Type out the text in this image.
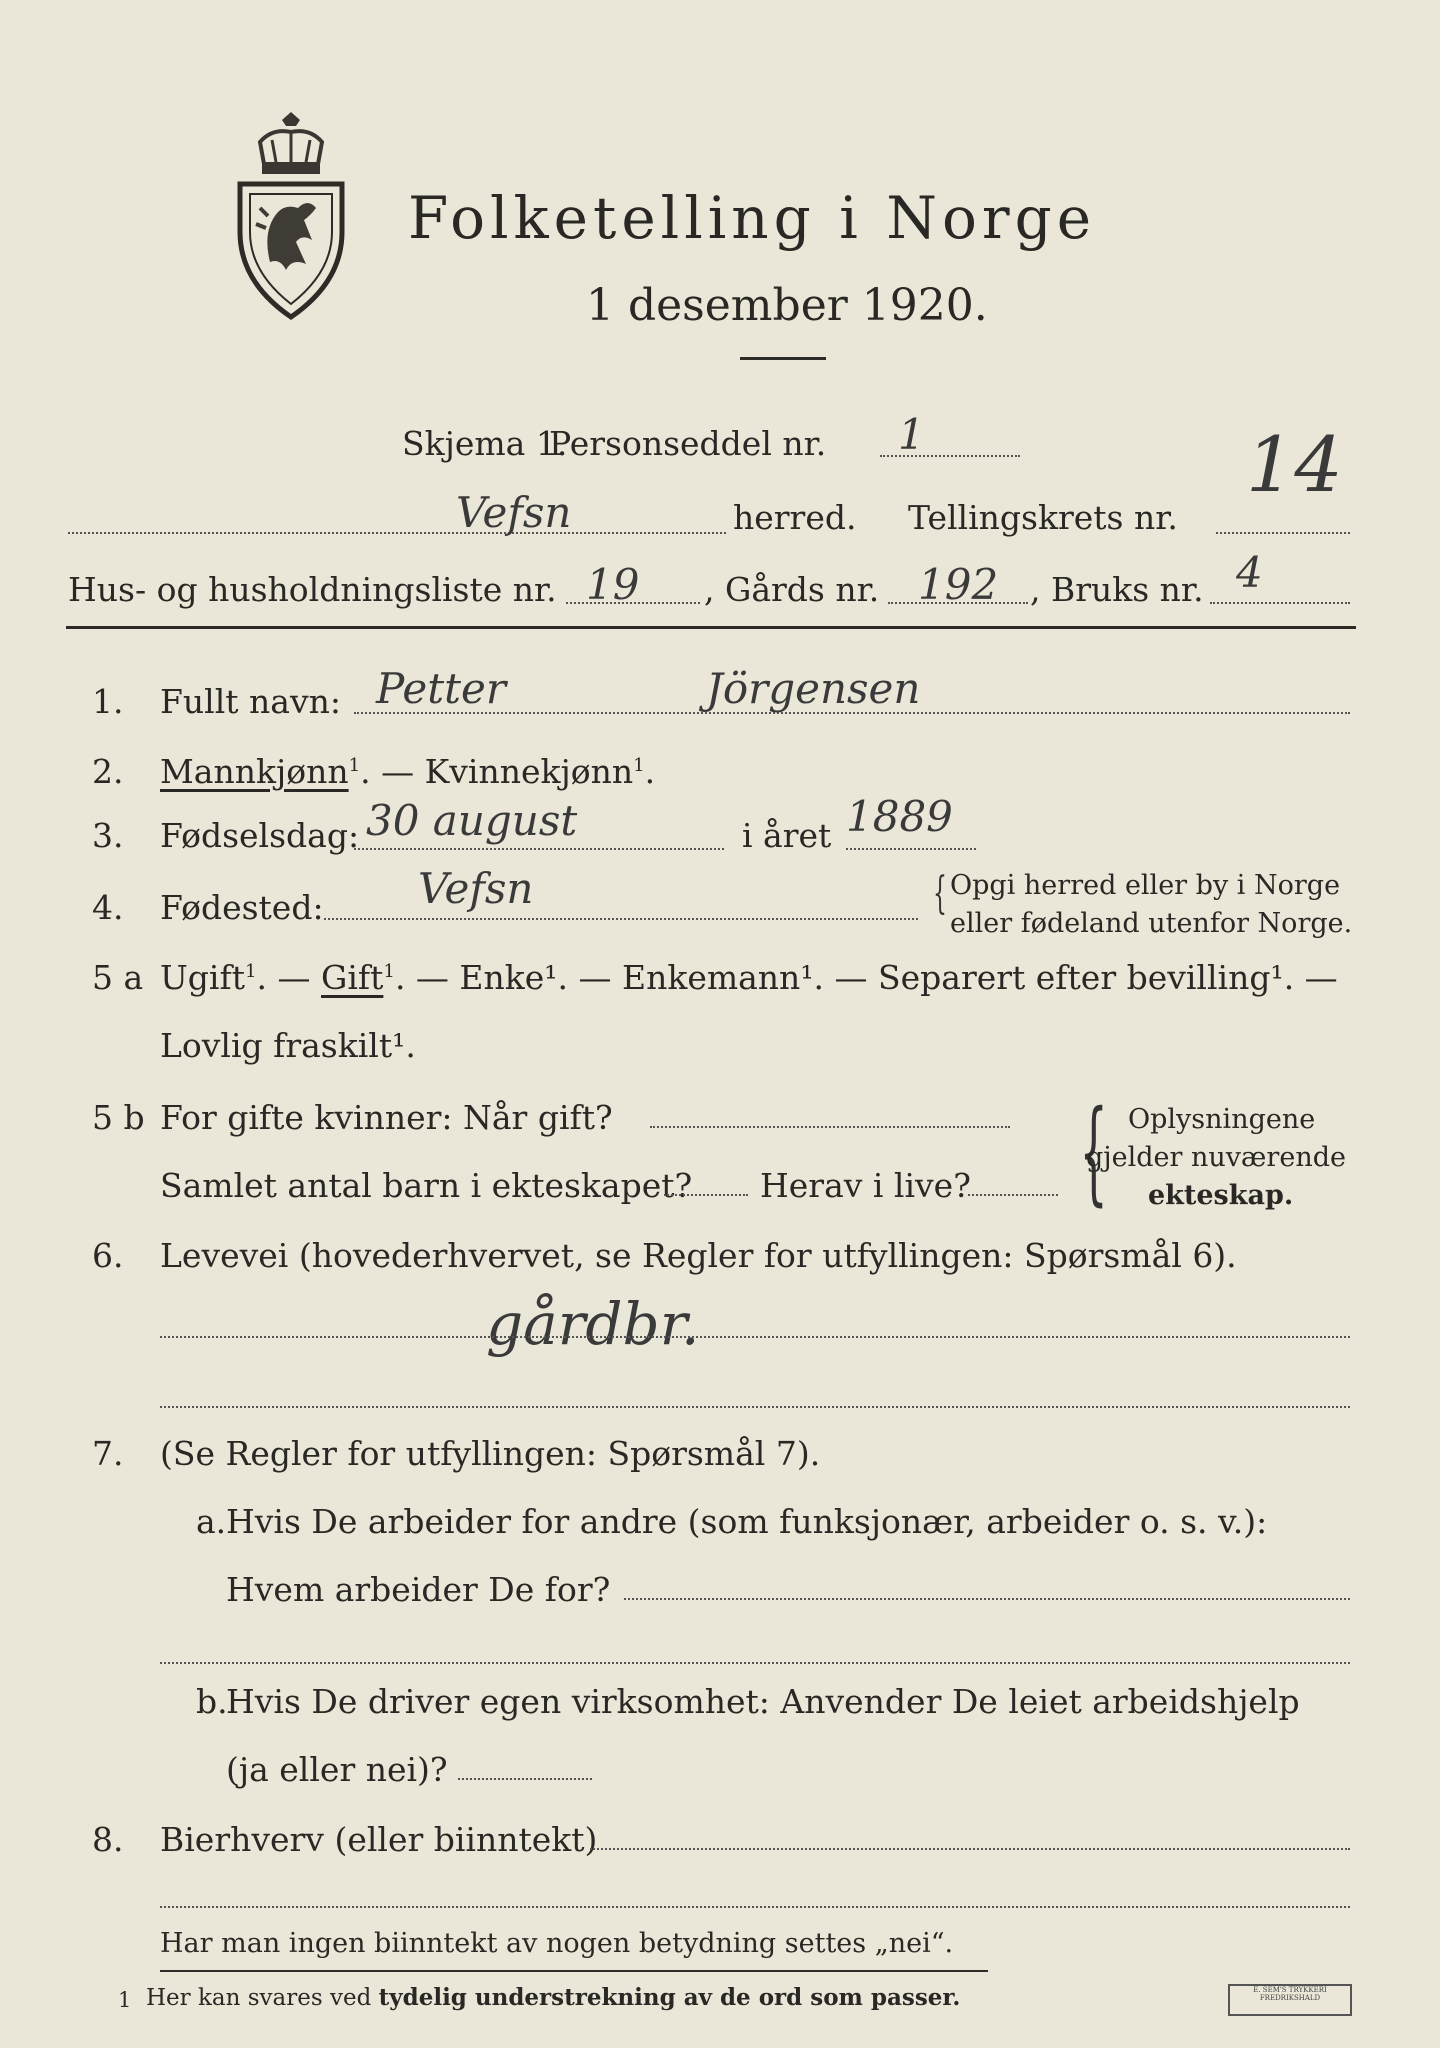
Folketelling i Norge
1 desember 1920.
Skjema 1.
Personseddel nr. 1
Vefsn	herred. Tellingskrets nr.
14
Hus- og husholdningsliste nr. 19 , Gårds nr. 192 , Bruks nr. 4
1. Fullt navn: Petter	Jörgensen
2. Mannkjønn$^1$. — Kvinnekjønn$^1$.
3. Fødselsdag: 30 august	i året 1889
4. Fødested: Vefsn	{ Opgi herred eller by i Norge
eller fødeland utenfor Norge.
5 a Ugift$^1$. — Gift$^1$. — Enke¹. — Enkemann¹. — Separert efter bevilling¹. —
Lovlig fraskilt¹.
5 b For gifte kvinner: Når gift?
Samlet antal barn i ekteskapet? Herav i live? { Oplysningene
gjelder nuværende
ekteskap.
6. Levevei (hovederhvervet, se Regler for utfyllingen: Spørsmål 6).
gårdbr.
7. (Se Regler for utfyllingen: Spørsmål 7).
a. Hvis De arbeider for andre (som funksjonær, arbeider o. s. v.):
Hvem arbeider De for?
b.
Hvis De driver egen virksomhet: Anvender De leiet arbeidshjelp
(ja eller nei)?
8. Bierhverv (eller biinntekt)
Har man ingen biinntekt av nogen betydning settes „nei“.
1 Her kan svares ved tydelig understrekning av de ord som passer.	E. SEM'S TRYKKERI FREDRIKSHALD
